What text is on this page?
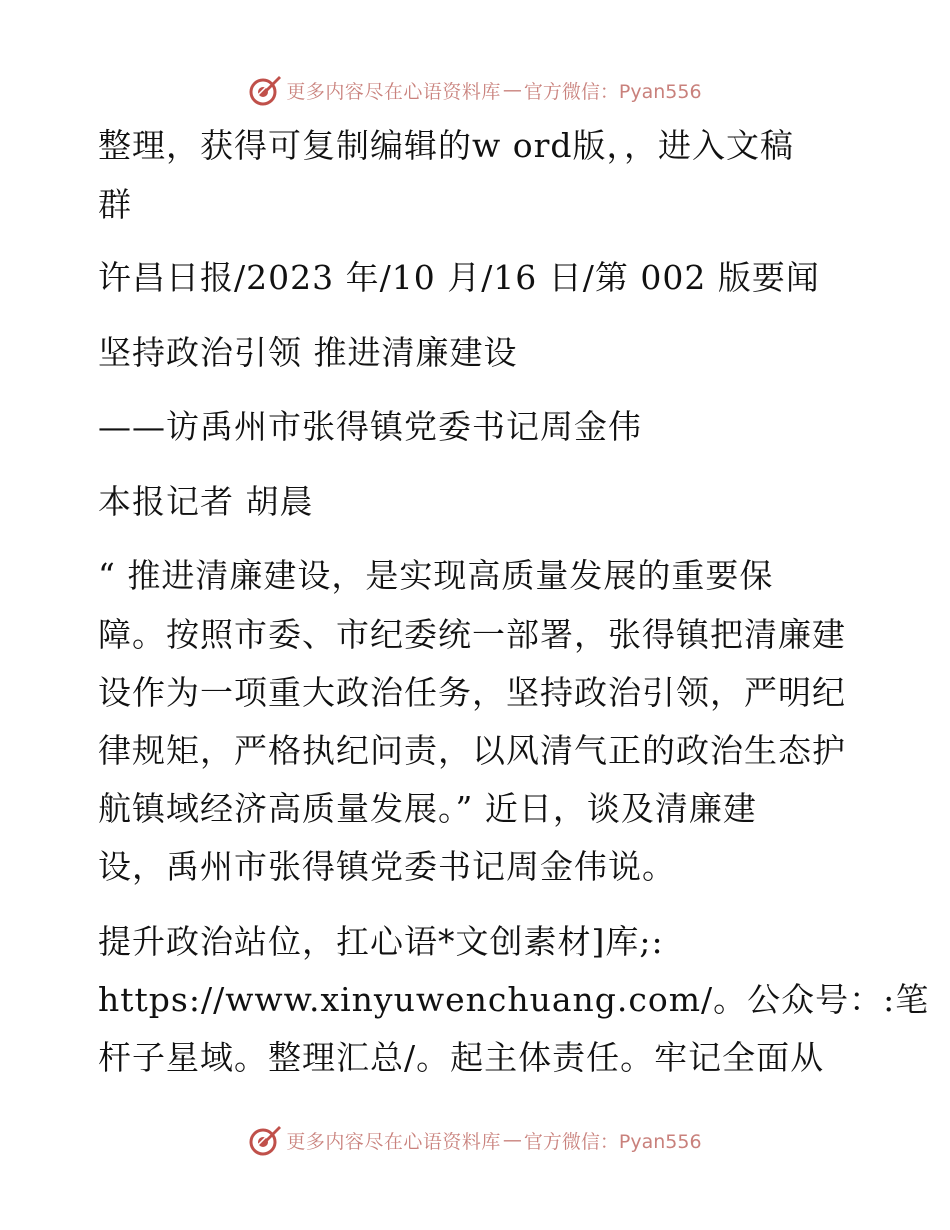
更多内容尽在心语资料库 — 官方微信：Pyan556
整理，获得可复制编辑的w ord版，，进入文稿
群
许昌日报/2023 年/10 月/16 日/第 002 版要闻
坚持政治引领 推进清廉建设
——访禹州市张得镇党委书记周金伟
本报记者 胡晨
“ 推进清廉建设，是实现高质量发展的重要保
障。按照市委、市纪委统一部署，张得镇把清廉建
设作为一项重大政治任务，坚持政治引领，严明纪
律规矩，严格执纪问责，以风清气正的政治生态护
航镇域经济高质量发展。” 近日，谈及清廉建
设，禹州市张得镇党委书记周金伟说。
提升政治站位，扛心语*文创素材]库;:
https://www.xinyuwenchuang.com/。公众号：:笔
杆子星域。整理汇总/。起主体责任。牢记全面从
更多内容尽在心语资料库 — 官方微信：Pyan556
